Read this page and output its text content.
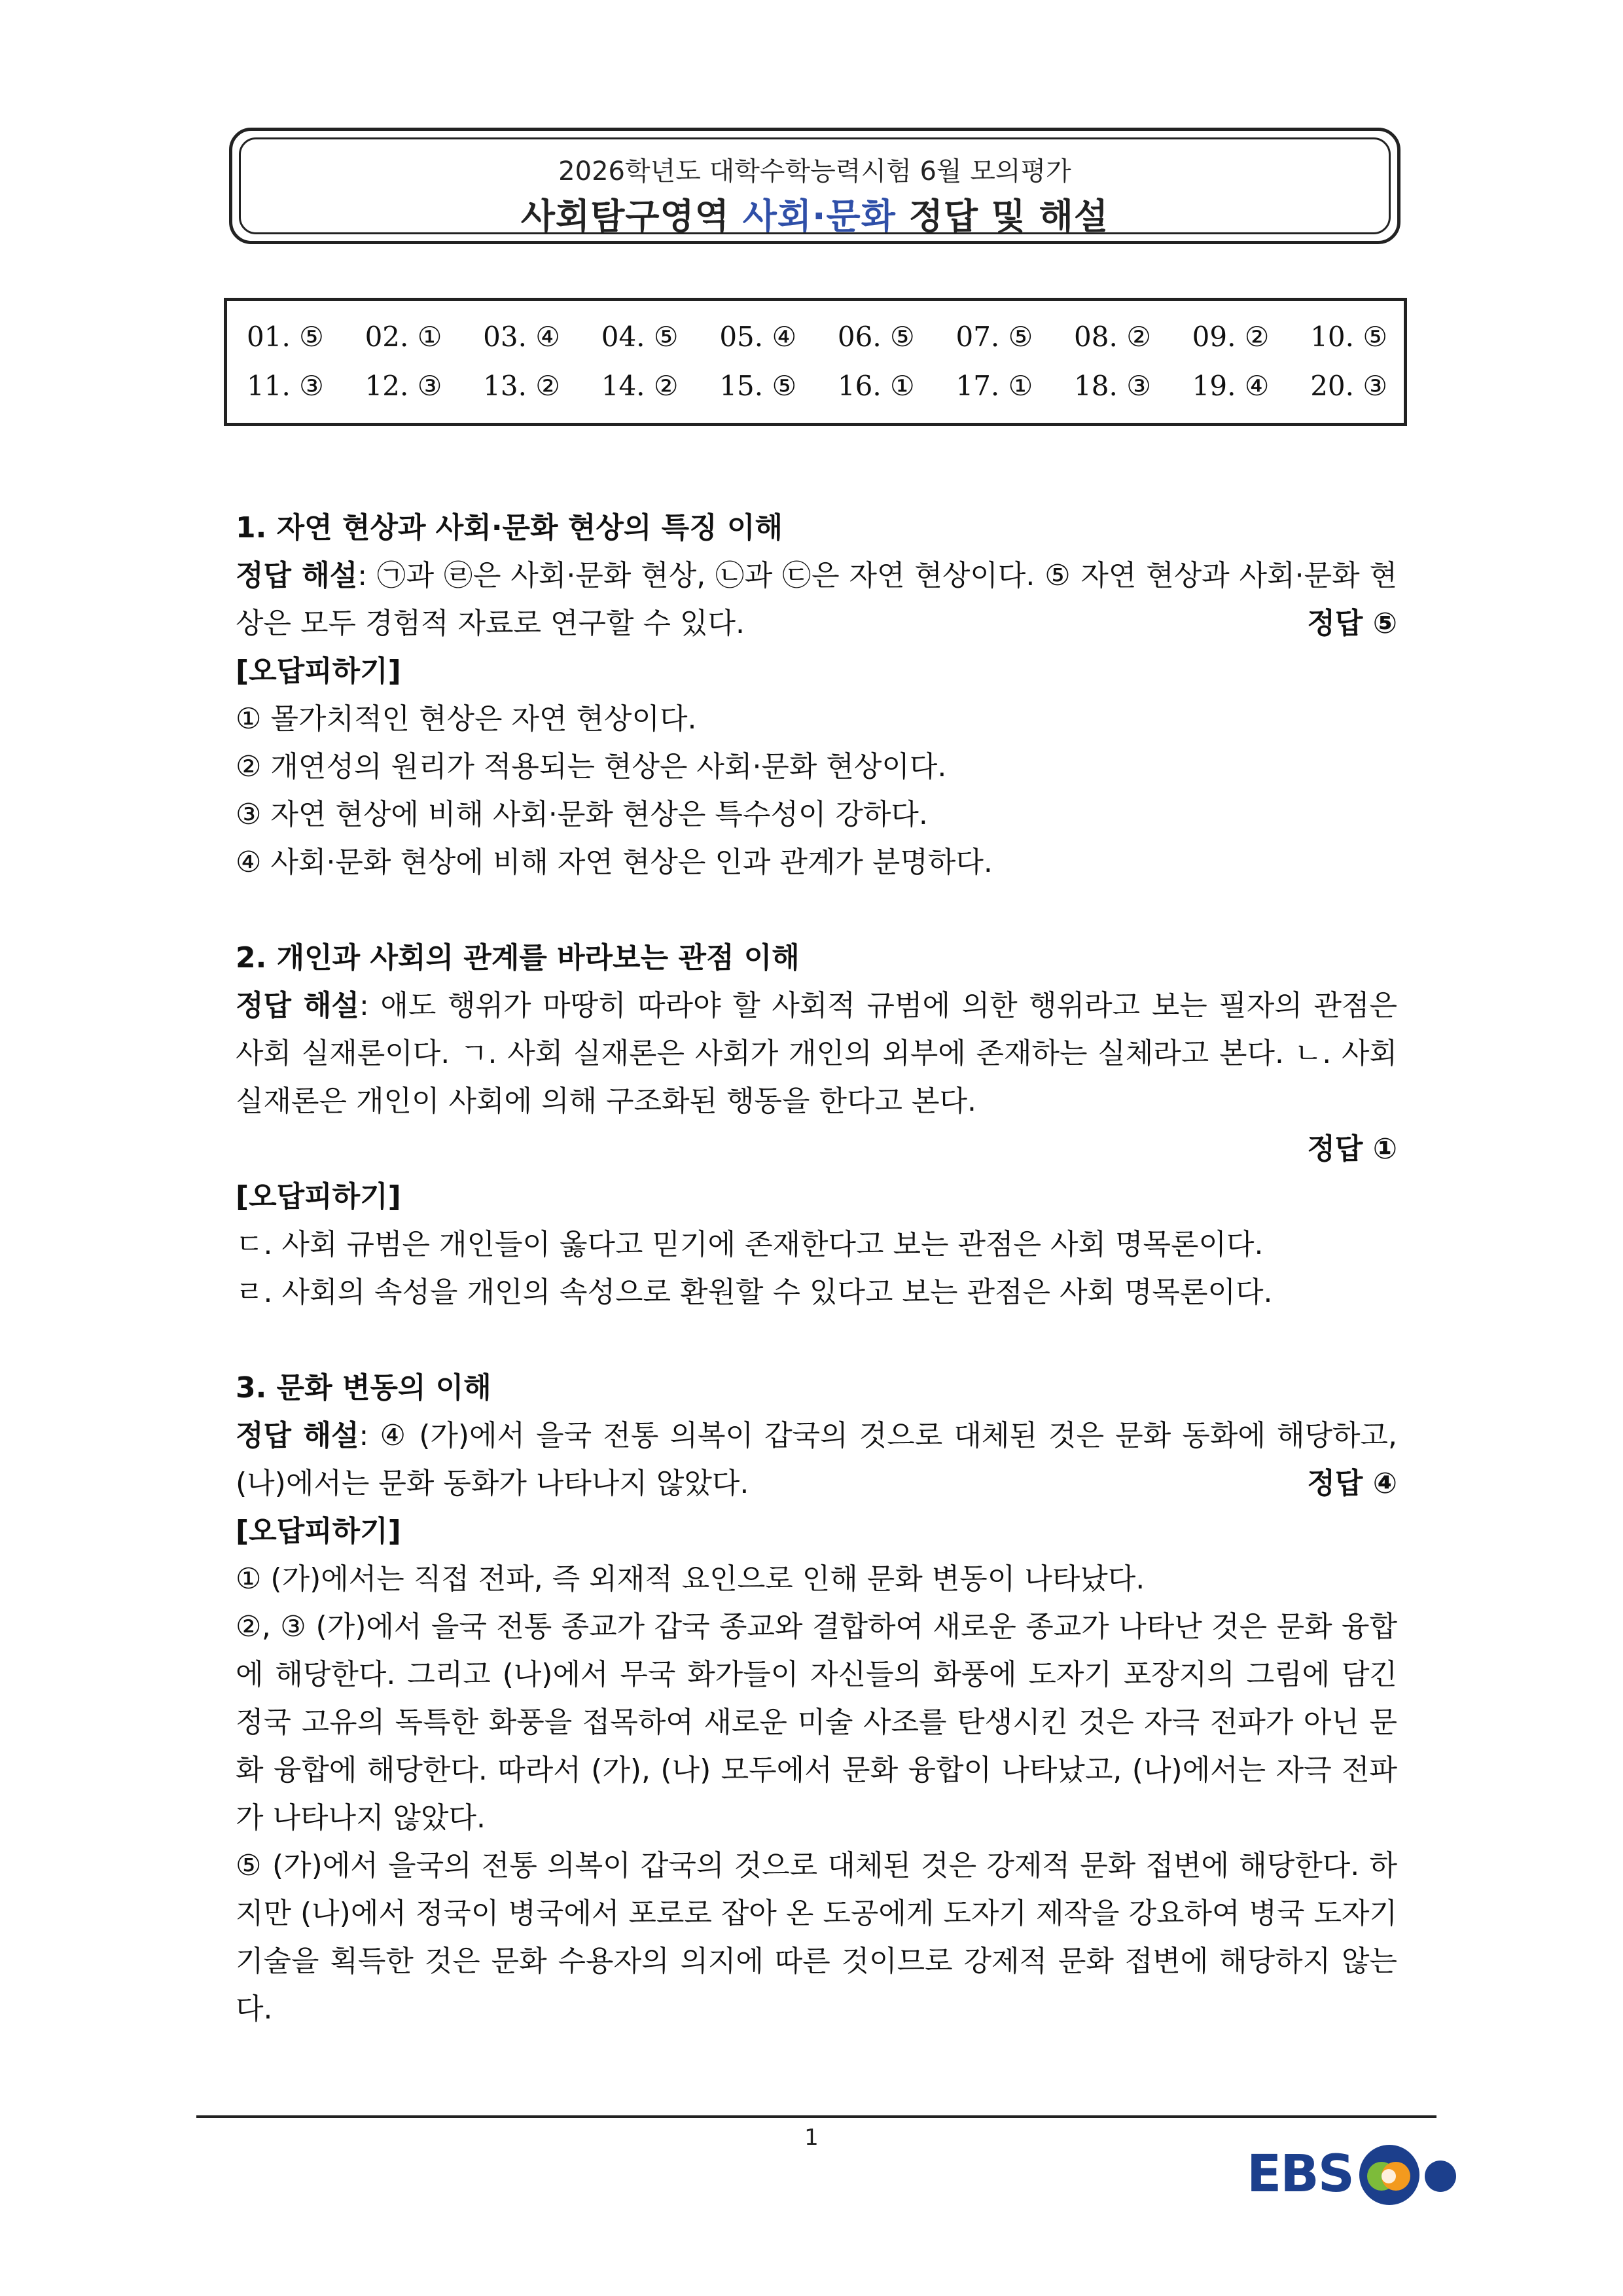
2026학년도 대학수학능력시험 6월 모의평가
사회탐구영역 사회·문화 정답 및 해설
01. ⑤ 02. ① 03. ④ 04. ⑤ 05. ④ 06. ⑤ 07. ⑤ 08. ② 09. ② 10. ⑤
11. ③ 12. ③ 13. ② 14. ② 15. ⑤ 16. ① 17. ① 18. ③ 19. ④ 20. ③

1. 자연 현상과 사회·문화 현상의 특징 이해

정답 해설: ㉠과 ㉣은 사회·문화 현상, ㉡과 ㉢은 자연 현상이다. ⑤ 자연 현상과 사회·문화 현상은 모두 경험적 자료로 연구할 수 있다.	정답 ⑤

[오답피하기]

① 몰가치적인 현상은 자연 현상이다.

② 개연성의 원리가 적용되는 현상은 사회·문화 현상이다.

③ 자연 현상에 비해 사회·문화 현상은 특수성이 강하다.

④ 사회·문화 현상에 비해 자연 현상은 인과 관계가 분명하다.

2. 개인과 사회의 관계를 바라보는 관점 이해

정답 해설: 애도 행위가 마땅히 따라야 할 사회적 규범에 의한 행위라고 보는 필자의 관점은 사회 실재론이다. ㄱ. 사회 실재론은 사회가 개인의 외부에 존재하는 실체라고 본다. ㄴ. 사회 실재론은 개인이 사회에 의해 구조화된 행동을 한다고 본다.

정답 ①

[오답피하기]

ㄷ. 사회 규범은 개인들이 옳다고 믿기에 존재한다고 보는 관점은 사회 명목론이다.

ㄹ. 사회의 속성을 개인의 속성으로 환원할 수 있다고 보는 관점은 사회 명목론이다.

3. 문화 변동의 이해

정답 해설: ④ (가)에서 을국 전통 의복이 갑국의 것으로 대체된 것은 문화 동화에 해당하고, (나)에서는 문화 동화가 나타나지 않았다.	정답 ④

[오답피하기]

① (가)에서는 직접 전파, 즉 외재적 요인으로 인해 문화 변동이 나타났다.

②, ③ (가)에서 을국 전통 종교가 갑국 종교와 결합하여 새로운 종교가 나타난 것은 문화 융합에 해당한다. 그리고 (나)에서 무국 화가들이 자신들의 화풍에 도자기 포장지의 그림에 담긴 정국 고유의 독특한 화풍을 접목하여 새로운 미술 사조를 탄생시킨 것은 자극 전파가 아닌 문화 융합에 해당한다. 따라서 (가), (나) 모두에서 문화 융합이 나타났고, (나)에서는 자극 전파가 나타나지 않았다.

⑤ (가)에서 을국의 전통 의복이 갑국의 것으로 대체된 것은 강제적 문화 접변에 해당한다. 하지만 (나)에서 정국이 병국에서 포로로 잡아 온 도공에게 도자기 제작을 강요하여 병국 도자기 기술을 획득한 것은 문화 수용자의 의지에 따른 것이므로 강제적 문화 접변에 해당하지 않는다.

1
EBS
